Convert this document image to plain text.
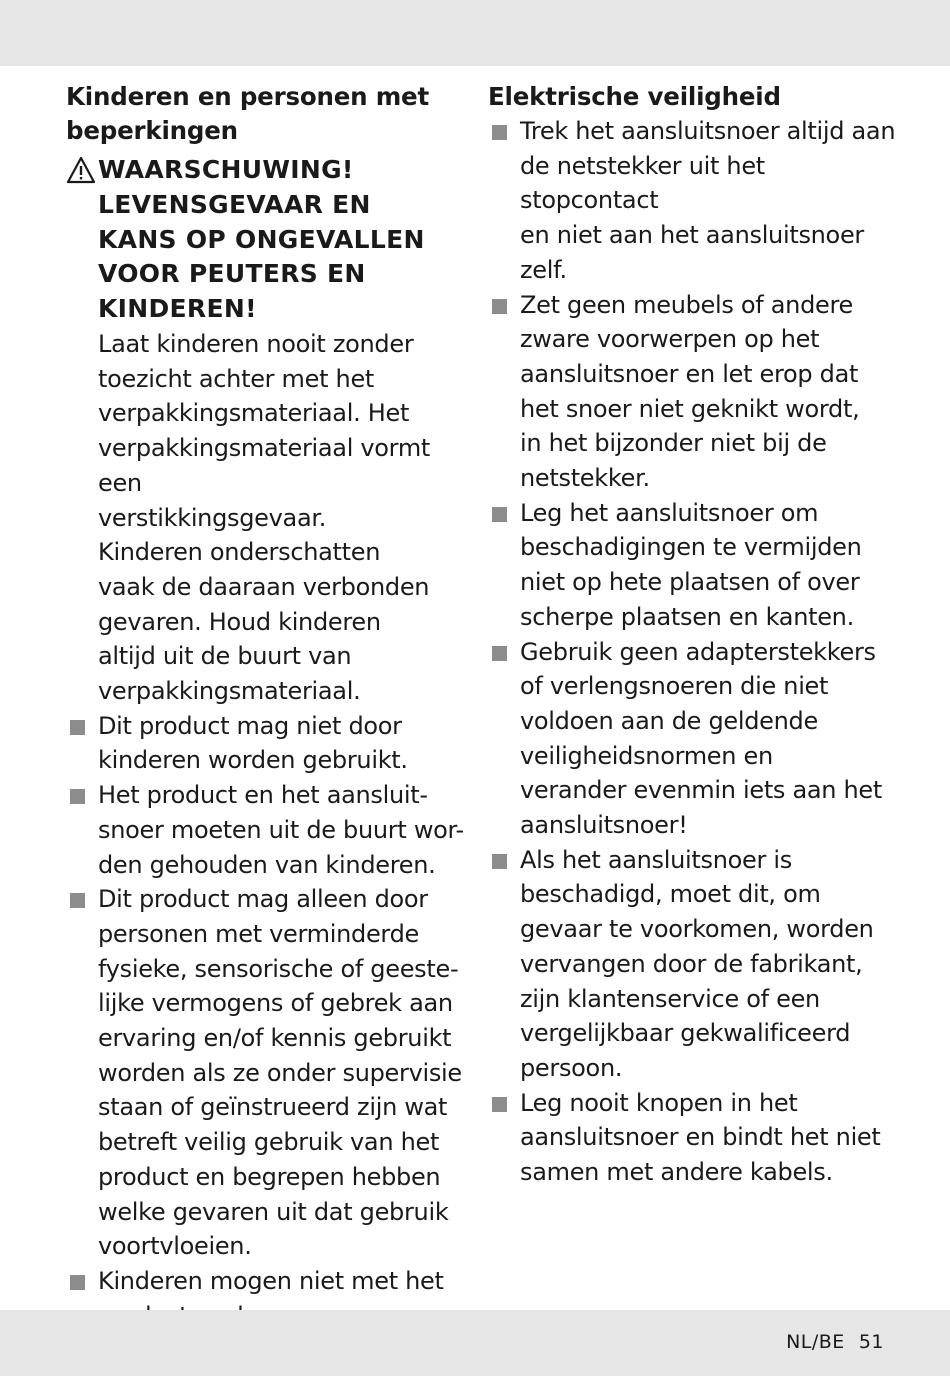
Kinderen en personen met
beperkingen
WAARSCHUWING!
LEVENSGEVAAR EN
KANS OP ONGEVALLEN
VOOR PEUTERS EN
KINDEREN!

Laat kinderen nooit zonder
toezicht achter met het
verpakkingsmateriaal. Het
verpakkingsmateriaal vormt een
verstikkingsgevaar.
Kinderen onderschatten
vaak de daaraan verbonden
gevaren. Houd kinderen
altijd uit de buurt van
verpakkingsmateriaal.

Dit product mag niet door
kinderen worden gebruikt.
Het product en het aansluit-
snoer moeten uit de buurt wor-
den gehouden van kinderen.
Dit product mag alleen door
personen met verminderde
fysieke, sensorische of geeste-
lijke vermogens of gebrek aan
ervaring en/of kennis gebruikt
worden als ze onder supervisie
staan of geïnstrueerd zijn wat
betreft veilig gebruik van het
product en begrepen hebben
welke gevaren uit dat gebruik
voortvloeien.
Kinderen mogen niet met het

Elektrische veiligheid
Trek het aansluitsnoer altijd aan
de netstekker uit het stopcontact
en niet aan het aansluitsnoer
zelf.
Zet geen meubels of andere
zware voorwerpen op het
aansluitsnoer en let erop dat
het snoer niet geknikt wordt,
in het bijzonder niet bij de
netstekker.
Leg het aansluitsnoer om
beschadigingen te vermijden
niet op hete plaatsen of over
scherpe plaatsen en kanten.
Gebruik geen adapterstekkers
of verlengsnoeren die niet
voldoen aan de geldende
veiligheidsnormen en
verander evenmin iets aan het
aansluitsnoer!
Als het aansluitsnoer is
beschadigd, moet dit, om
gevaar te voorkomen, worden
vervangen door de fabrikant,
zijn klantenservice of een
vergelijkbaar gekwalificeerd
persoon.
Leg nooit knopen in het
aansluitsnoer en bindt het niet
samen met andere kabels.
NL/BE 51
